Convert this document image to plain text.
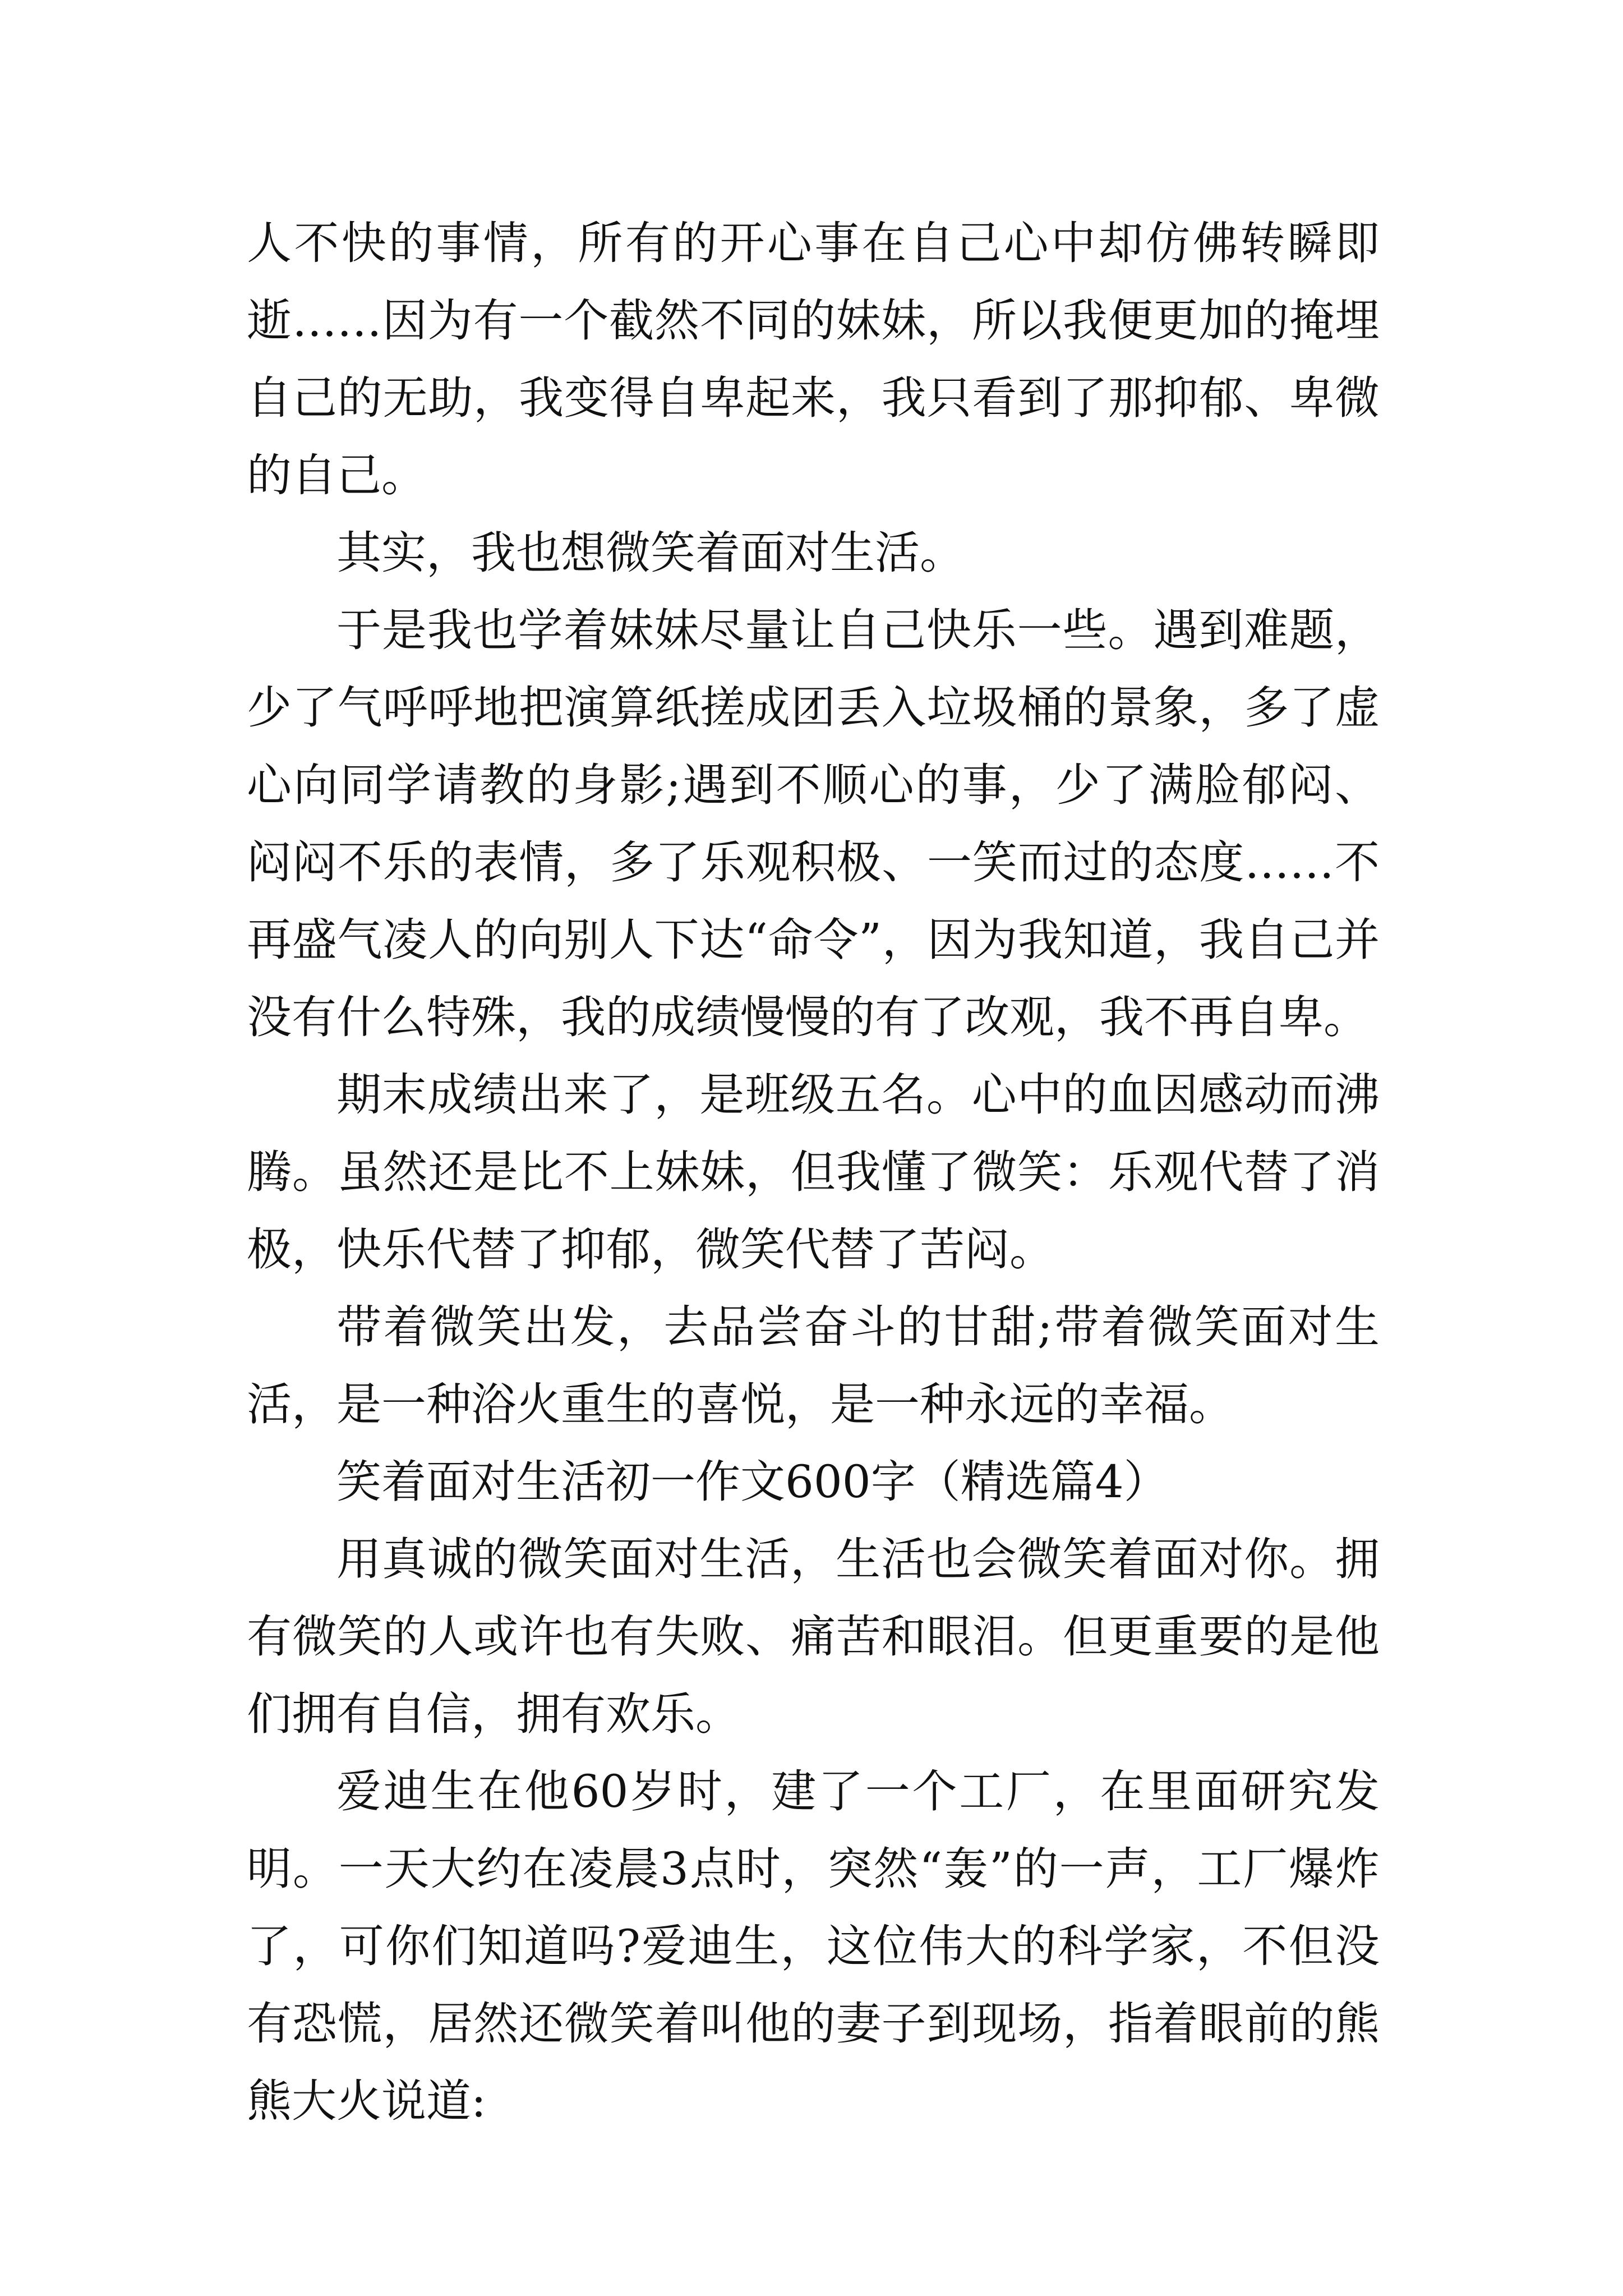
人不快的事情，所有的开心事在自己心中却仿佛转瞬即逝……因为有一个截然不同的妹妹，所以我便更加的掩埋自己的无助，我变得自卑起来，我只看到了那抑郁、卑微的自己。

其实，我也想微笑着面对生活。

于是我也学着妹妹尽量让自己快乐一些。遇到难题，少了气呼呼地把演算纸搓成团丢入垃圾桶的景象，多了虚心向同学请教的身影;遇到不顺心的事，少了满脸郁闷、闷闷不乐的表情，多了乐观积极、一笑而过的态度……不再盛气凌人的向别人下达“命令”，因为我知道，我自己并没有什么特殊，我的成绩慢慢的有了改观，我不再自卑。

期末成绩出来了，是班级五名。心中的血因感动而沸腾。虽然还是比不上妹妹，但我懂了微笑：乐观代替了消极，快乐代替了抑郁，微笑代替了苦闷。

带着微笑出发，去品尝奋斗的甘甜;带着微笑面对生活，是一种浴火重生的喜悦，是一种永远的幸福。

笑着面对生活初一作文600字（精选篇4）

用真诚的微笑面对生活，生活也会微笑着面对你。拥有微笑的人或许也有失败、痛苦和眼泪。但更重要的是他们拥有自信，拥有欢乐。

爱迪生在他60岁时，建了一个工厂，在里面研究发明。一天大约在凌晨3点时，突然“轰”的一声，工厂爆炸了，可你们知道吗?爱迪生，这位伟大的科学家，不但没有恐慌，居然还微笑着叫他的妻子到现场，指着眼前的熊熊大火说道:
